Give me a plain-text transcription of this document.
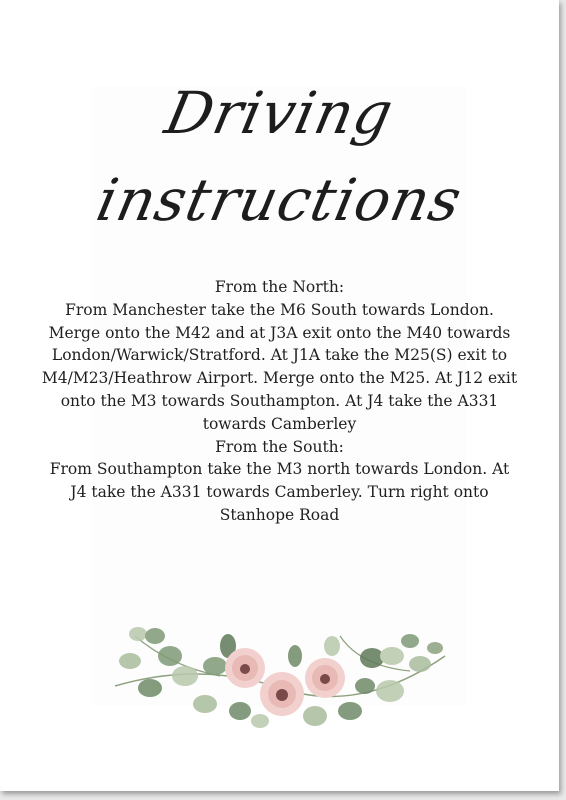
Driving
instructions

From the North:

From Manchester take the M6 South towards London. Merge onto the M42 and at J3A exit onto the M40 towards London/Warwick/Stratford. At J1A take the M25(S) exit to M4/M23/Heathrow Airport. Merge onto the M25. At J12 exit onto the M3 towards Southampton. At J4 take the A331 towards Camberley

From the South:

From Southampton take the M3 north towards London. At J4 take the A331 towards Camberley. Turn right onto Stanhope Road
